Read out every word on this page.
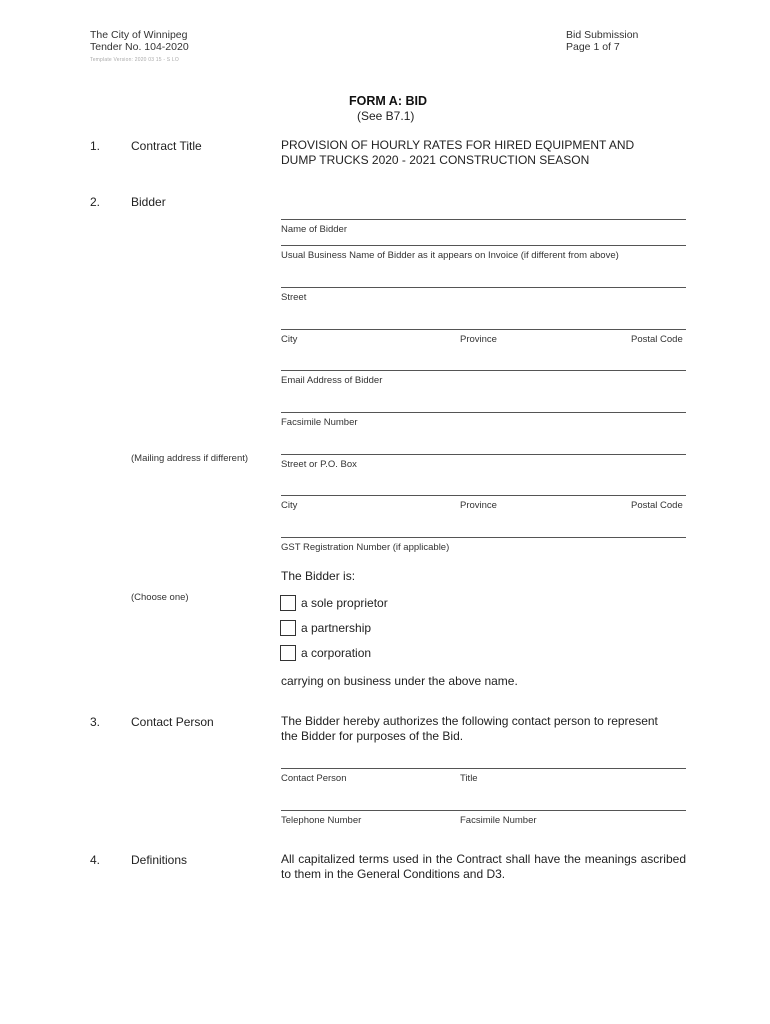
The City of Winnipeg
Tender No. 104-2020
Template Version: 2020 03 15 - S LO
Bid Submission
Page 1 of 7
FORM A: BID
(See B7.1)
1.	Contract Title	PROVISION OF HOURLY RATES FOR HIRED EQUIPMENT AND
DUMP TRUCKS 2020 - 2021 CONSTRUCTION SEASON
2.	Bidder
Name of Bidder
Usual Business Name of Bidder as it appears on Invoice (if different from above)
Street
City	Province	Postal Code
Email Address of Bidder
Facsimile Number
(Mailing address if different)
Street or P.O. Box
City	Province	Postal Code
GST Registration Number (if applicable)
The Bidder is:
(Choose one)	a sole proprietor
a partnership
a corporation
carrying on business under the above name.
3.	Contact Person	The Bidder hereby authorizes the following contact person to represent
the Bidder for purposes of the Bid.
Contact Person	Title
Telephone Number	Facsimile Number
4.	Definitions	All capitalized terms used in the Contract shall have the meanings ascribed to them in the General Conditions and D3.
